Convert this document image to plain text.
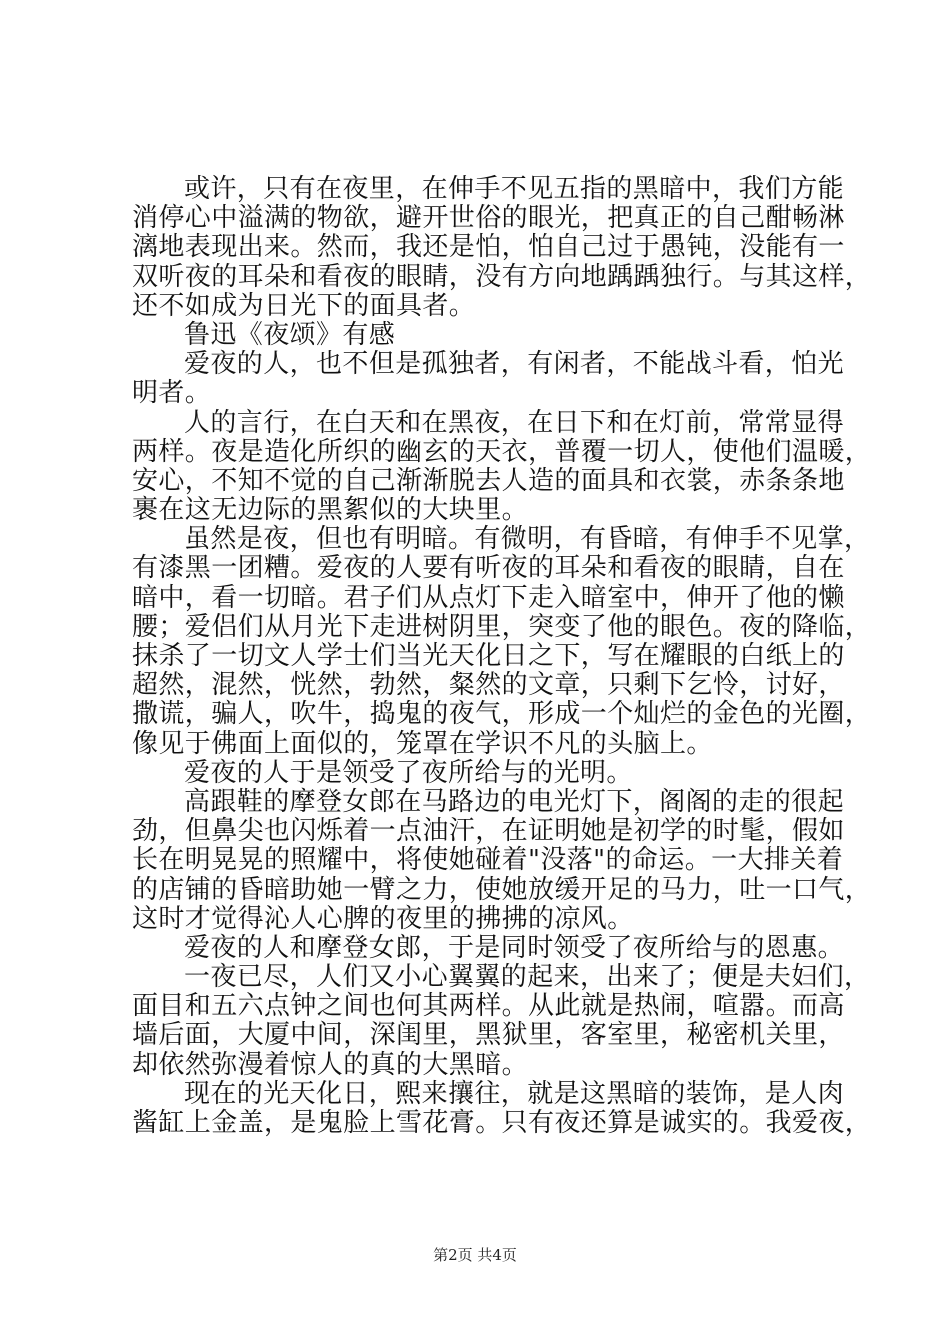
或许，只有在夜里，在伸手不见五指的黑暗中，我们方能
消停心中溢满的物欲，避开世俗的眼光，把真正的自己酣畅淋
漓地表现出来。然而，我还是怕，怕自己过于愚钝，没能有一
双听夜的耳朵和看夜的眼睛，没有方向地踽踽独行。与其这样，
还不如成为日光下的面具者。
鲁迅《夜颂》有感
爱夜的人，也不但是孤独者，有闲者，不能战斗看，怕光
明者。
人的言行，在白天和在黑夜，在日下和在灯前，常常显得
两样。夜是造化所织的幽玄的天衣，普覆一切人，使他们温暖，
安心，不知不觉的自己渐渐脱去人造的面具和衣裳，赤条条地
裹在这无边际的黑絮似的大块里。
虽然是夜，但也有明暗。有微明，有昏暗，有伸手不见掌，
有漆黑一团糟。爱夜的人要有听夜的耳朵和看夜的眼睛，自在
暗中，看一切暗。君子们从点灯下走入暗室中，伸开了他的懒
腰；爱侣们从月光下走进树阴里，突变了他的眼色。夜的降临，
抹杀了一切文人学士们当光天化日之下，写在耀眼的白纸上的
超然，混然，恍然，勃然，粲然的文章，只剩下乞怜，讨好，
撒谎，骗人，吹牛，捣鬼的夜气，形成一个灿烂的金色的光圈，
像见于佛面上面似的，笼罩在学识不凡的头脑上。
爱夜的人于是领受了夜所给与的光明。
高跟鞋的摩登女郎在马路边的电光灯下，阁阁的走的很起
劲，但鼻尖也闪烁着一点油汗，在证明她是初学的时髦，假如
长在明晃晃的照耀中，将使她碰着"没落"的命运。一大排关着
的店铺的昏暗助她一臂之力，使她放缓开足的马力，吐一口气，
这时才觉得沁人心脾的夜里的拂拂的凉风。
爱夜的人和摩登女郎，于是同时领受了夜所给与的恩惠。
一夜已尽，人们又小心翼翼的起来，出来了；便是夫妇们，
面目和五六点钟之间也何其两样。从此就是热闹，喧嚣。而高
墙后面，大厦中间，深闺里，黑狱里，客室里，秘密机关里，
却依然弥漫着惊人的真的大黑暗。
现在的光天化日，熙来攘往，就是这黑暗的装饰，是人肉
酱缸上金盖，是鬼脸上雪花膏。只有夜还算是诚实的。我爱夜，
第2页 共4页
